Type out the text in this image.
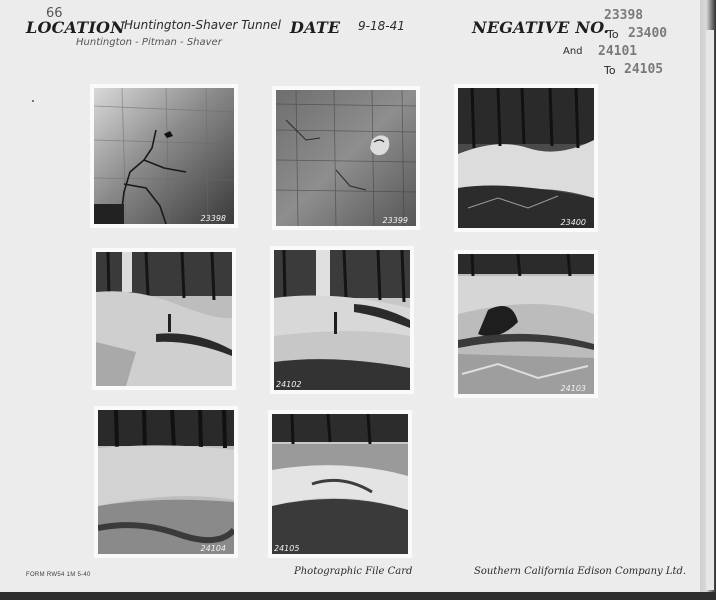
66
LOCATION
Huntington-Shaver Tunnel
Huntington - Pitman - Shaver
DATE 9-18-41	NEGATIVE NO.
23398
To 23400
And 24101
To 24105
23398	23399	23400
24102	24103
24104	24105
FORM RW54 1M 5-40	Photographic File Card	Southern California Edison Company Ltd.
